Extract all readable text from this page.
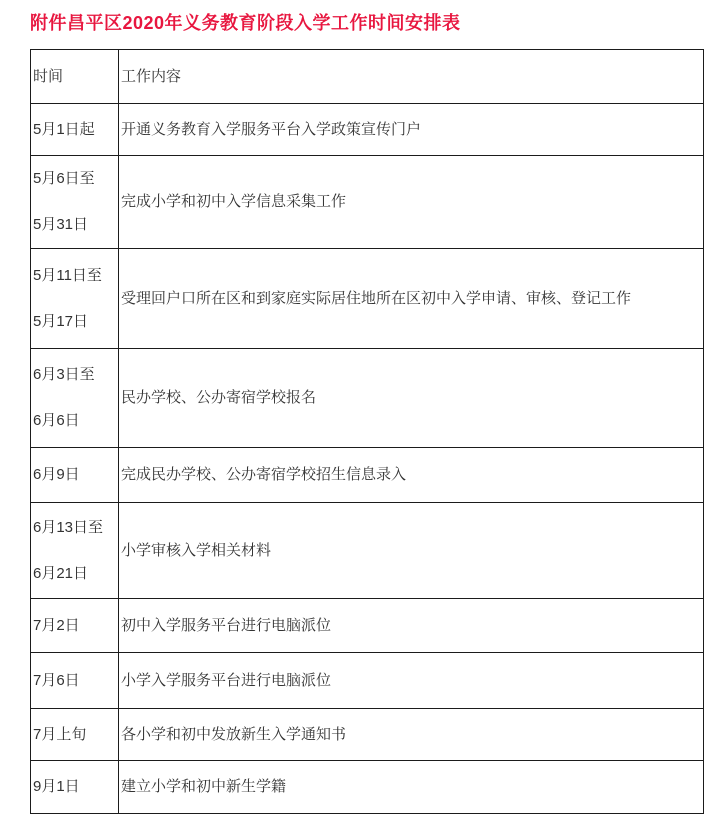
附件昌平区2020年义务教育阶段入学工作时间安排表
时间	工作内容

5月1日起	开通义务教育入学服务平台入学政策宣传门户

5月6日至
5月31日	完成小学和初中入学信息采集工作

5月11日至
5月17日	受理回户口所在区和到家庭实际居住地所在区初中入学申请、审核、登记工作

6月3日至
6月6日	民办学校、公办寄宿学校报名

6月9日	完成民办学校、公办寄宿学校招生信息录入

6月13日至
6月21日	小学审核入学相关材料

7月2日	初中入学服务平台进行电脑派位

7月6日	小学入学服务平台进行电脑派位

7月上旬	各小学和初中发放新生入学通知书

9月1日	建立小学和初中新生学籍
